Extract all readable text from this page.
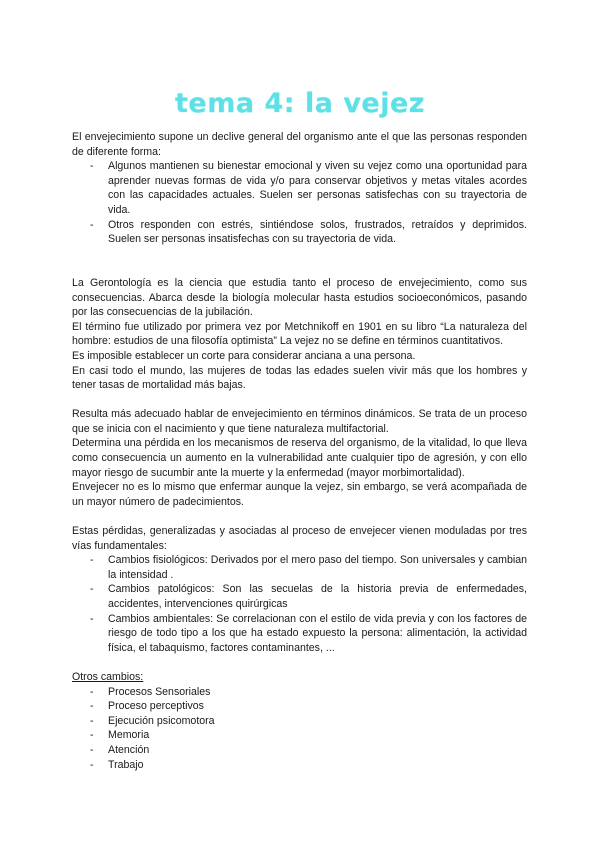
tema 4: la vejez

El envejecimiento supone un declive general del organismo ante el que las personas responden de diferente forma:

- Algunos mantienen su bienestar emocional y viven su vejez como una oportunidad para aprender nuevas formas de vida y/o para conservar objetivos y metas vitales acordes con las capacidades actuales. Suelen ser personas satisfechas con su trayectoria de vida.
- Otros responden con estrés, sintiéndose solos, frustrados, retraídos y deprimidos. Suelen ser personas insatisfechas con su trayectoria de vida.

La Gerontología es la ciencia que estudia tanto el proceso de envejecimiento, como sus consecuencias. Abarca desde la biología molecular hasta estudios socioeconómicos, pasando por las consecuencias de la jubilación.

El término fue utilizado por primera vez por Metchnikoff en 1901 en su libro “La naturaleza del hombre: estudios de una filosofía optimista” La vejez no se define en términos cuantitativos.

Es imposible establecer un corte para considerar anciana a una persona.

En casi todo el mundo, las mujeres de todas las edades suelen vivir más que los hombres y tener tasas de mortalidad más bajas.

Resulta más adecuado hablar de envejecimiento en términos dinámicos. Se trata de un proceso que se inicia con el nacimiento y que tiene naturaleza multifactorial.

Determina una pérdida en los mecanismos de reserva del organismo, de la vitalidad, lo que lleva como consecuencia un aumento en la vulnerabilidad ante cualquier tipo de agresión, y con ello mayor riesgo de sucumbir ante la muerte y la enfermedad (mayor morbimortalidad).

Envejecer no es lo mismo que enfermar aunque la vejez, sin embargo, se verá acompañada de un mayor número de padecimientos.

Estas pérdidas, generalizadas y asociadas al proceso de envejecer vienen moduladas por tres vías fundamentales:

- Cambios fisiológicos: Derivados por el mero paso del tiempo. Son universales y cambian la intensidad .
- Cambios patológicos: Son las secuelas de la historia previa de enfermedades, accidentes, intervenciones quirúrgicas
- Cambios ambientales: Se correlacionan con el estilo de vida previa y con los factores de riesgo de todo tipo a los que ha estado expuesto la persona: alimentación, la actividad física, el tabaquismo, factores contaminantes, ...

Otros cambios:

- Procesos Sensoriales
- Proceso perceptivos
- Ejecución psicomotora
- Memoria
- Atención
- Trabajo
